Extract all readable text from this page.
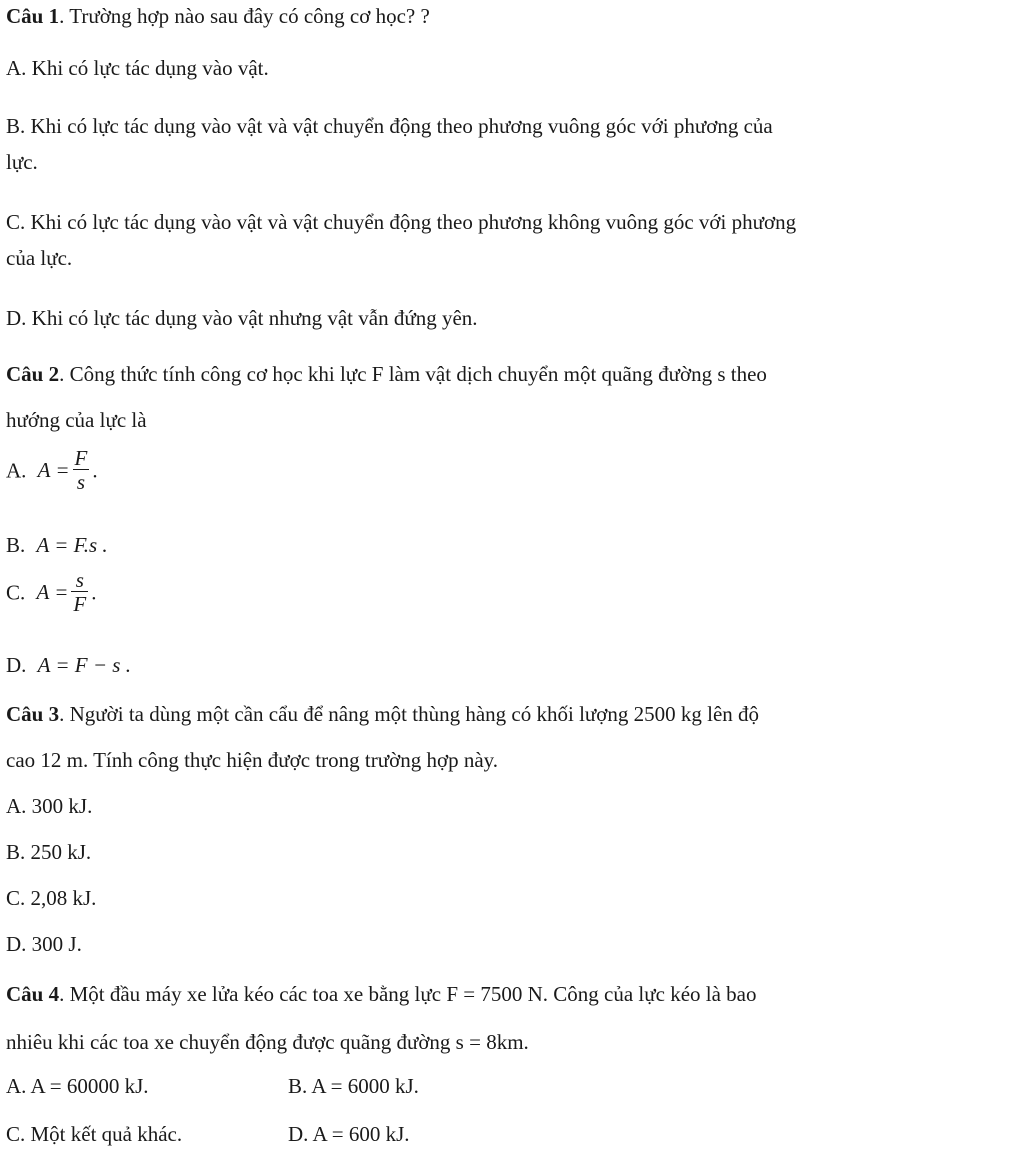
Câu 1. Trường hợp nào sau đây có công cơ học? ?
A. Khi có lực tác dụng vào vật.
B. Khi có lực tác dụng vào vật và vật chuyển động theo phương vuông góc với phương của
lực.
C. Khi có lực tác dụng vào vật và vật chuyển động theo phương không vuông góc với phương
của lực.
D. Khi có lực tác dụng vào vật nhưng vật vẫn đứng yên.
Câu 2. Công thức tính công cơ học khi lực F làm vật dịch chuyển một quãng đường s theo
hướng của lực là
A. $A = \frac{F}{s}$ .
B. A = F.s .
C. $A = \frac{s}{F}$ .
D. A = F − s .
Câu 3. Người ta dùng một cần cẩu để nâng một thùng hàng có khối lượng 2500 kg lên độ
cao 12 m. Tính công thực hiện được trong trường hợp này.
A. 300 kJ.
B. 250 kJ.
C. 2,08 kJ.
D. 300 J.
Câu 4. Một đầu máy xe lửa kéo các toa xe bằng lực F = 7500 N. Công của lực kéo là bao
nhiêu khi các toa xe chuyển động được quãng đường s = 8km.
A. A = 60000 kJ.	B. A = 6000 kJ.
C. Một kết quả khác.	D. A = 600 kJ.
